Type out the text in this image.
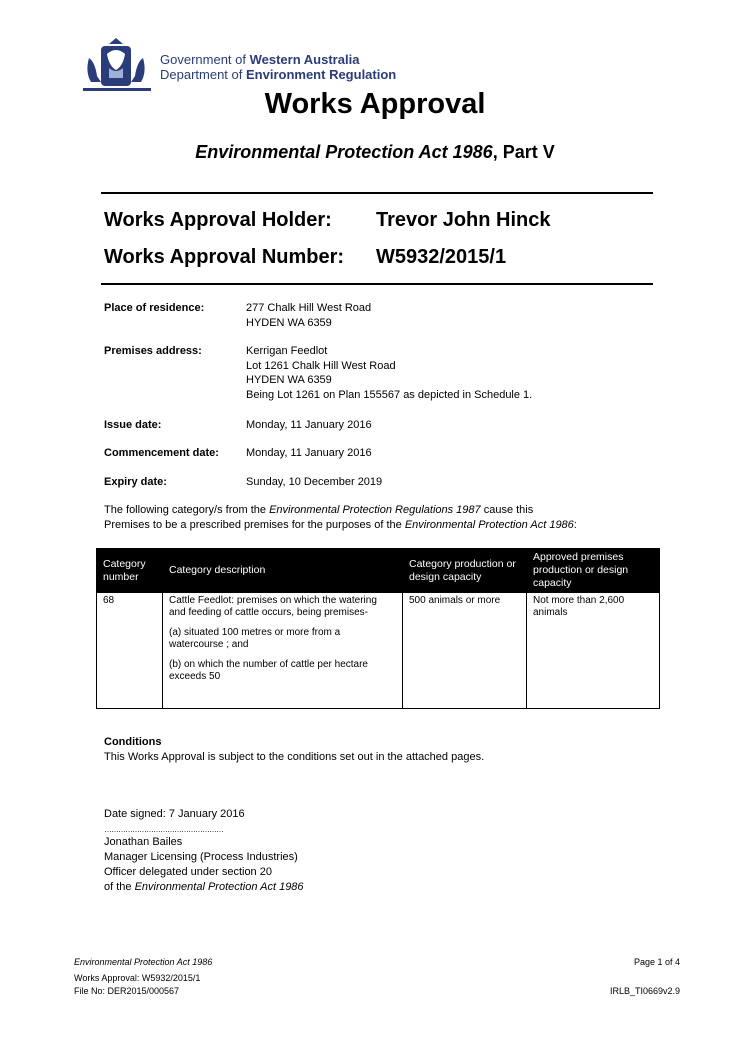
Government of Western Australia
Department of Environment Regulation
Works Approval
Environmental Protection Act 1986, Part V
Works Approval Holder: Trevor John Hinck
Works Approval Number: W5932/2015/1
Place of residence:	277 Chalk Hill West Road
HYDEN WA 6359
Premises address:	Kerrigan Feedlot
Lot 1261 Chalk Hill West Road
HYDEN WA 6359
Being Lot 1261 on Plan 155567 as depicted in Schedule 1.
Issue date:	Monday, 11 January 2016
Commencement date: Monday, 11 January 2016
Expiry date:	Sunday, 10 December 2019
The following category/s from the Environmental Protection Regulations 1987 cause this
Premises to be a prescribed premises for the purposes of the Environmental Protection Act 1986:
Category number	Category description	Category production or design capacity	Approved premises production or design capacity
68	Cattle Feedlot: premises on which the watering and feeding of cattle occurs, being premises-

(a) situated 100 metres or more from a watercourse ; and

(b) on which the number of cattle per hectare exceeds 50	500 animals or more	Not more than 2,600 animals
Conditions
This Works Approval is subject to the conditions set out in the attached pages.
Date signed: 7 January 2016
……………………………………………
Jonathan Bailes
Manager Licensing (Process Industries)
Officer delegated under section 20
of the Environmental Protection Act 1986
Environmental Protection Act 1986
Works Approval: W5932/2015/1
File No: DER2015/000567
Page 1 of 4
IRLB_TI0669v2.9
